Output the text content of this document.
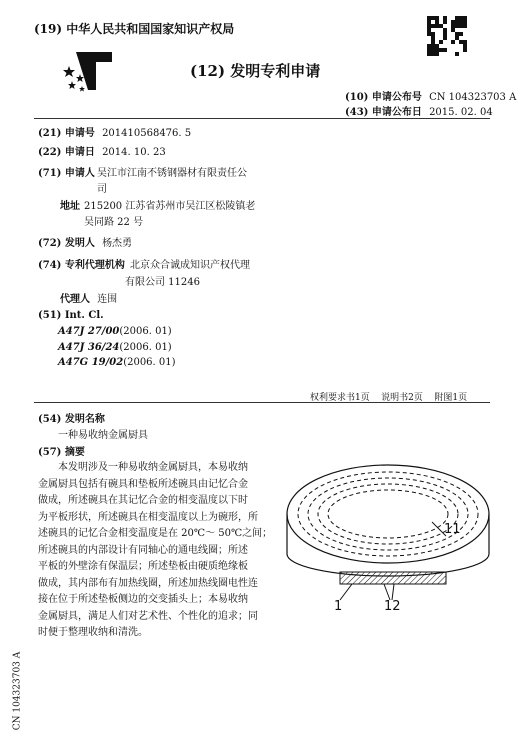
(19) 中华人民共和国国家知识产权局
(12) 发明专利申请
(10) 申请公布号 CN 104323703 A
(43) 申请公布日 2015. 02. 04
(21) 申请号 201410568476. 5
(22) 申请日 2014. 10. 23
(71) 申请人 吴江市江南不锈钢器材有限责任公
司
地址 215200 江苏省苏州市吴江区松陵镇老
吴同路 22 号
(72) 发明人 杨杰勇
(74) 专利代理机构 北京众合诚成知识产权代理
有限公司 11246
代理人 连围
(51) Int. Cl.
A47J 27/00(2006. 01)
A47J 36/24(2006. 01)
A47G 19/02(2006. 01)
权利要求书1页    说明书2页    附图1页
(54) 发明名称
一种易收纳金属厨具
(57) 摘要
本发明涉及一种易收纳金属厨具，本易收纳
金属厨具包括有碗具和垫板所述碗具由记忆合金
做成，所述碗具在其记忆合金的相变温度以下时
为平板形状，所述碗具在相变温度以上为碗形，所
述碗具的记忆合金相变温度是在 20℃～ 50℃之间；
所述碗具的内部设计有同轴心的通电线圈；所述
平板的外壁涂有保温层；所述垫板由硬质绝缘板
做成，其内部布有加热线圈，所述加热线圈电性连
接在位于所述垫板侧边的交变插头上；本易收纳
金属厨具，满足人们对艺术性、个性化的追求；同
时便于整理收纳和清洗。
11
1	12
CN 104323703 A
